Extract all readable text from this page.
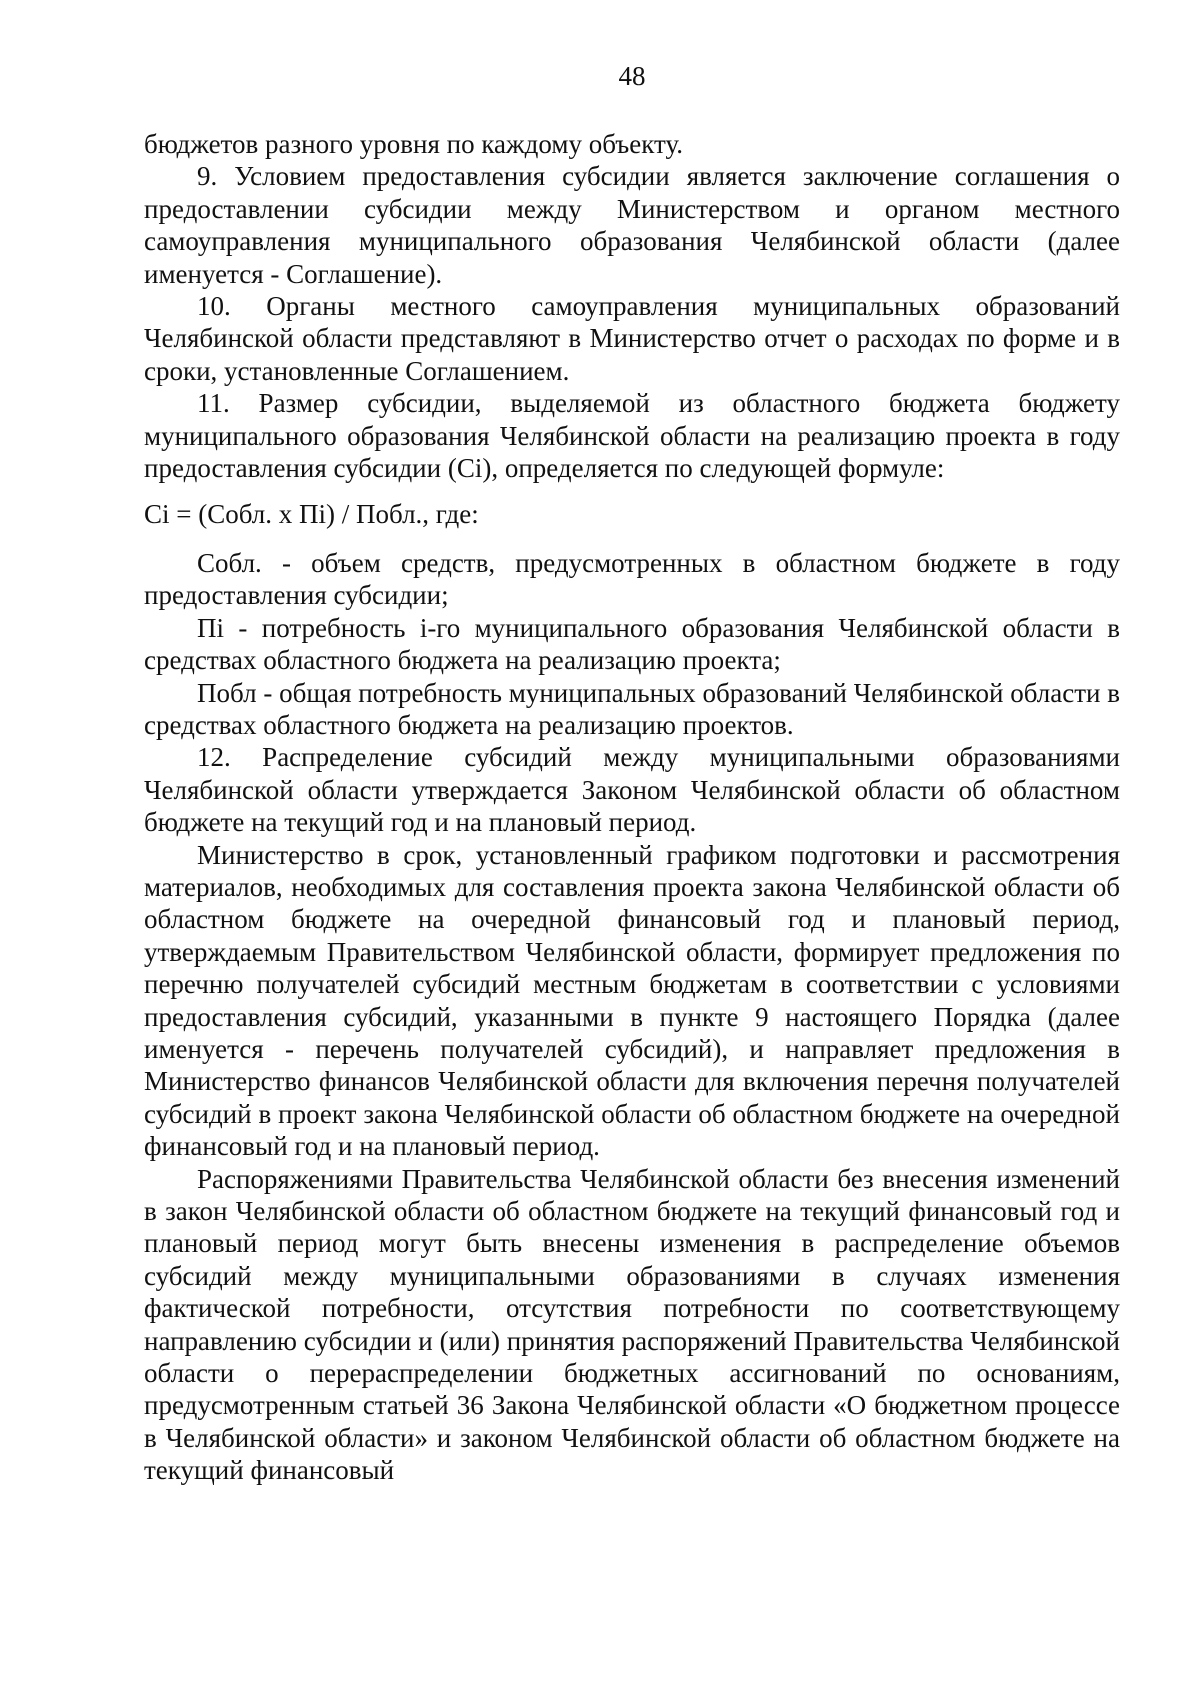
48

бюджетов разного уровня по каждому объекту.

9. Условием предоставления субсидии является заключение соглашения о предоставлении субсидии между Министерством и органом местного самоуправления муниципального образования Челябинской области (далее именуется - Соглашение).

10. Органы местного самоуправления муниципальных образований Челябинской области представляют в Министерство отчет о расходах по форме и в сроки, установленные Соглашением.

11. Размер субсидии, выделяемой из областного бюджета бюджету муниципального образования Челябинской области на реализацию проекта в году предоставления субсидии (Сi), определяется по следующей формуле:

Сi = (Собл. x Пi) / Побл., где:

Собл. - объем средств, предусмотренных в областном бюджете в году предоставления субсидии;

Пi - потребность i-го муниципального образования Челябинской области в средствах областного бюджета на реализацию проекта;

Побл - общая потребность муниципальных образований Челябинской области в средствах областного бюджета на реализацию проектов.

12. Распределение субсидий между муниципальными образованиями Челябинской области утверждается Законом Челябинской области об областном бюджете на текущий год и на плановый период.

Министерство в срок, установленный графиком подготовки и рассмотрения материалов, необходимых для составления проекта закона Челябинской области об областном бюджете на очередной финансовый год и плановый период, утверждаемым Правительством Челябинской области, формирует предложения по перечню получателей субсидий местным бюджетам в соответствии с условиями предоставления субсидий, указанными в пункте 9 настоящего Порядка (далее именуется - перечень получателей субсидий), и направляет предложения в Министерство финансов Челябинской области для включения перечня получателей субсидий в проект закона Челябинской области об областном бюджете на очередной финансовый год и на плановый период.

Распоряжениями Правительства Челябинской области без внесения изменений в закон Челябинской области об областном бюджете на текущий финансовый год и плановый период могут быть внесены изменения в распределение объемов субсидий между муниципальными образованиями в случаях изменения фактической потребности, отсутствия потребности по соответствующему направлению субсидии и (или) принятия распоряжений Правительства Челябинской области о перераспределении бюджетных ассигнований по основаниям, предусмотренным статьей 36 Закона Челябинской области «О бюджетном процессе в Челябинской области» и законом Челябинской области об областном бюджете на текущий финансовый
